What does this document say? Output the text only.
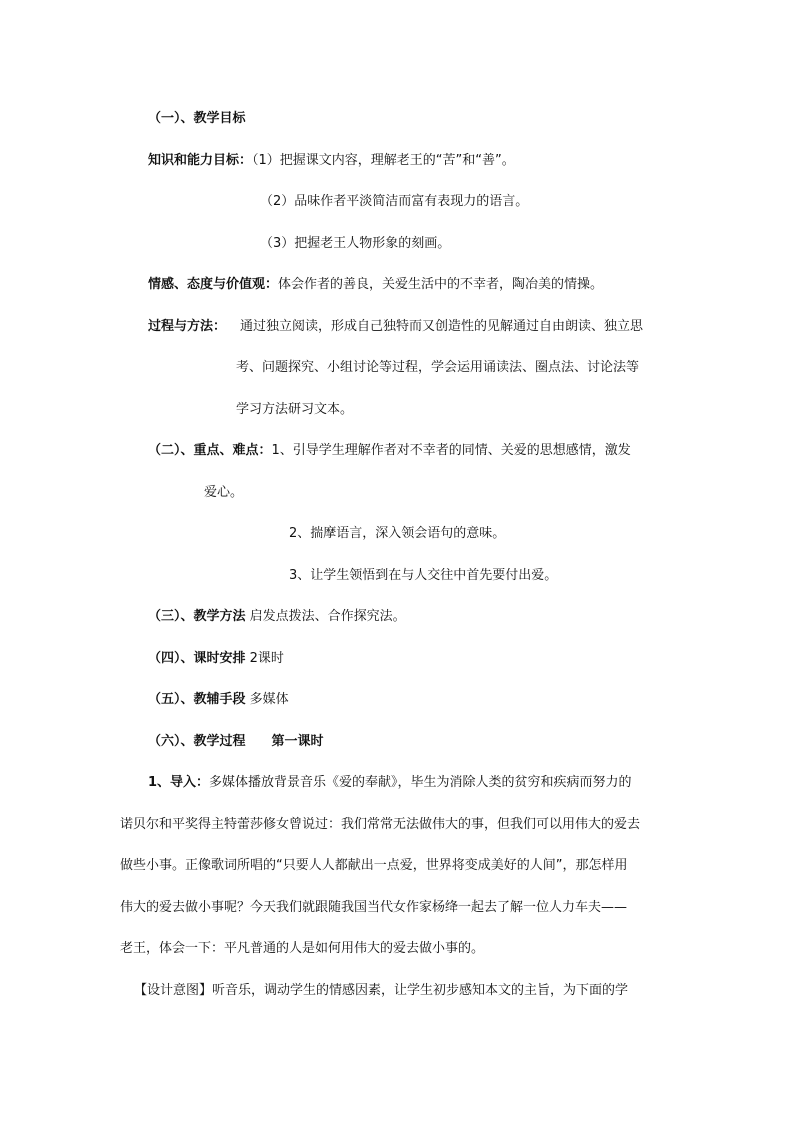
（一）、教学目标
知识和能力目标：（1）把握课文内容，理解老王的“苦”和“善”。
（2）品味作者平淡简洁而富有表现力的语言。
（3）把握老王人物形象的刻画。
情感、态度与价值观：体会作者的善良，关爱生活中的不幸者，陶冶美的情操。
过程与方法： 通过独立阅读，形成自己独特而又创造性的见解通过自由朗读、独立思
考、问题探究、小组讨论等过程，学会运用诵读法、圈点法、讨论法等
学习方法研习文本。
（二）、重点、难点：1、引导学生理解作者对不幸者的同情、关爱的思想感情，激发
爱心。
2、揣摩语言，深入领会语句的意味。
3、让学生领悟到在与人交往中首先要付出爱。
（三）、教学方法 启发点拨法、合作探究法。
（四）、课时安排 2课时
（五）、教辅手段 多媒体
（六）、教学过程 第一课时
1、导入：多媒体播放背景音乐《爱的奉献》，毕生为消除人类的贫穷和疾病而努力的
诺贝尔和平奖得主特蕾莎修女曾说过：我们常常无法做伟大的事，但我们可以用伟大的爱去
做些小事。正像歌词所唱的“只要人人都献出一点爱，世界将变成美好的人间”，那怎样用
伟大的爱去做小事呢？今天我们就跟随我国当代女作家杨绛一起去了解一位人力车夫——
老王，体会一下：平凡普通的人是如何用伟大的爱去做小事的。
【设计意图】听音乐，调动学生的情感因素，让学生初步感知本文的主旨，为下面的学
